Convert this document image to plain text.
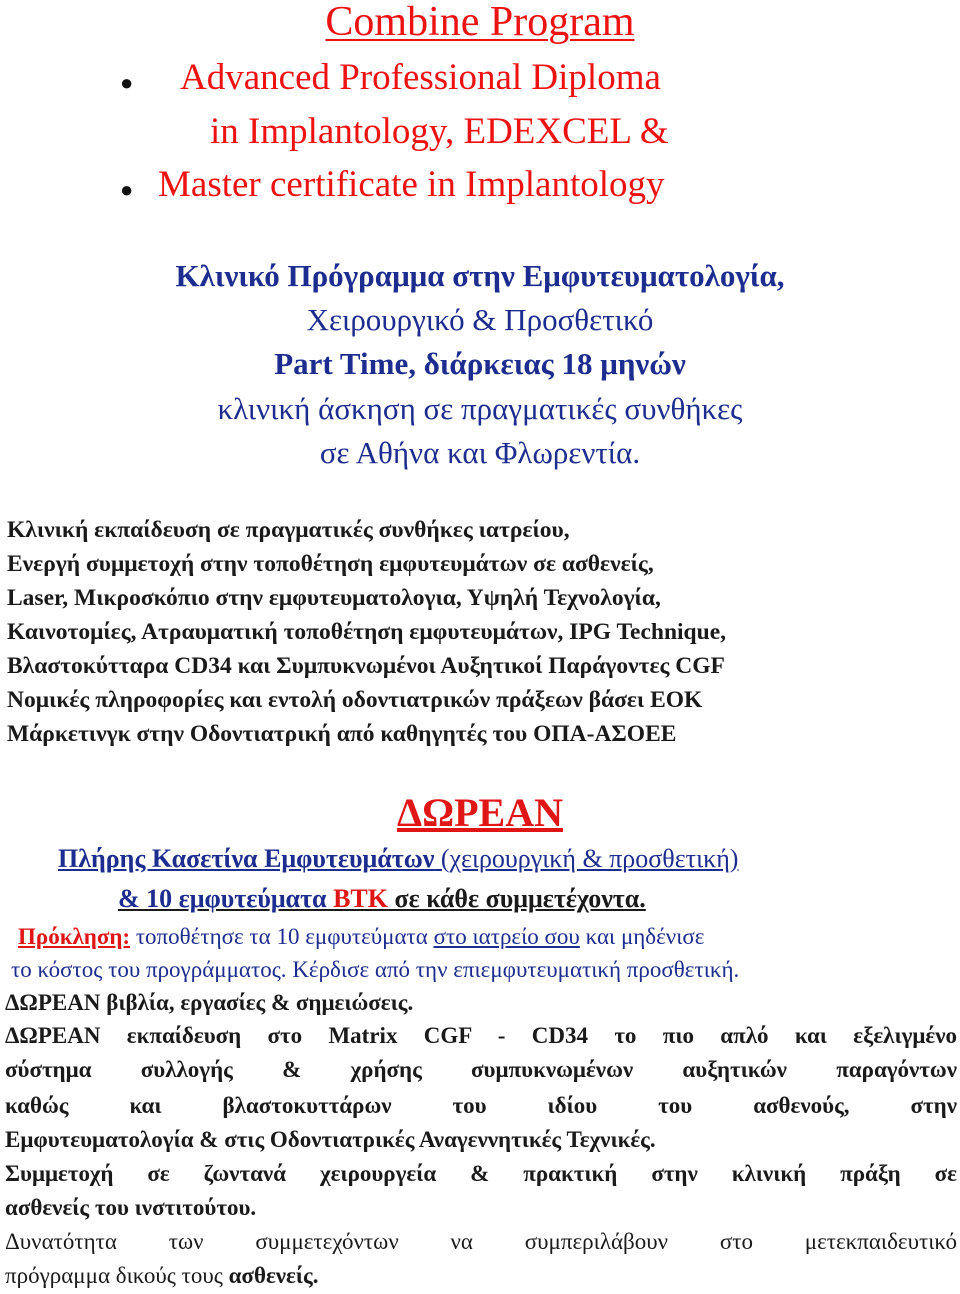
Combine Program
● Advanced Professional Diploma
in Implantology, EDEXCEL &
● Master certificate in Implantology
Κλινικό Πρόγραμμα στην Εμφυτευματολογία,
Χειρουργικό & Προσθετικό
Part Time, διάρκειας 18 μηνών
κλινική άσκηση σε πραγματικές συνθήκες
σε Αθήνα και Φλωρεντία.
Κλινική εκπαίδευση σε πραγματικές συνθήκες ιατρείου,
Ενεργή συμμετοχή στην τοποθέτηση εμφυτευμάτων σε ασθενείς,
Laser, Μικροσκόπιο στην εμφυτευματολογια, Υψηλή Τεχνολογία,
Καινοτομίες, Ατραυματική τοποθέτηση εμφυτευμάτων, IPG Technique,
Βλαστοκύτταρα CD34 και Συμπυκνωμένοι Αυξητικοί Παράγοντες CGF
Νομικές πληροφορίες και εντολή οδοντιατρικών πράξεων βάσει ΕΟΚ
Μάρκετινγκ στην Οδοντιατρική από καθηγητές του ΟΠΑ-ΑΣΟΕΕ
ΔΩΡΕΑΝ
Πλήρης Κασετίνα Εμφυτευμάτων (χειρουργική & προσθετική)
& 10 εμφυτεύματα BTK σε κάθε συμμετέχοντα.
Πρόκληση: τοποθέτησε τα 10 εμφυτεύματα στο ιατρείο σου και μηδένισε
το κόστος του προγράμματος. Κέρδισε από την επιεμφυτευματική προσθετική.
ΔΩΡΕΑΝ βιβλία, εργασίες & σημειώσεις.
ΔΩΡΕΑΝ εκπαίδευση στο Matrix CGF - CD34 το πιο απλό και εξελιγμένο
σύστημα συλλογής & χρήσης συμπυκνωμένων αυξητικών παραγόντων
καθώς και βλαστοκυττάρων του ιδίου του ασθενούς, στην
Εμφυτευματολογία & στις Οδοντιατρικές Αναγεννητικές Τεχνικές.
Συμμετοχή σε ζωντανά χειρουργεία & πρακτική στην κλινική πράξη σε
ασθενείς του ινστιτούτου.
Δυνατότητα των συμμετεχόντων να συμπεριλάβουν στο μετεκπαιδευτικό
πρόγραμμα δικούς τους ασθενείς.
